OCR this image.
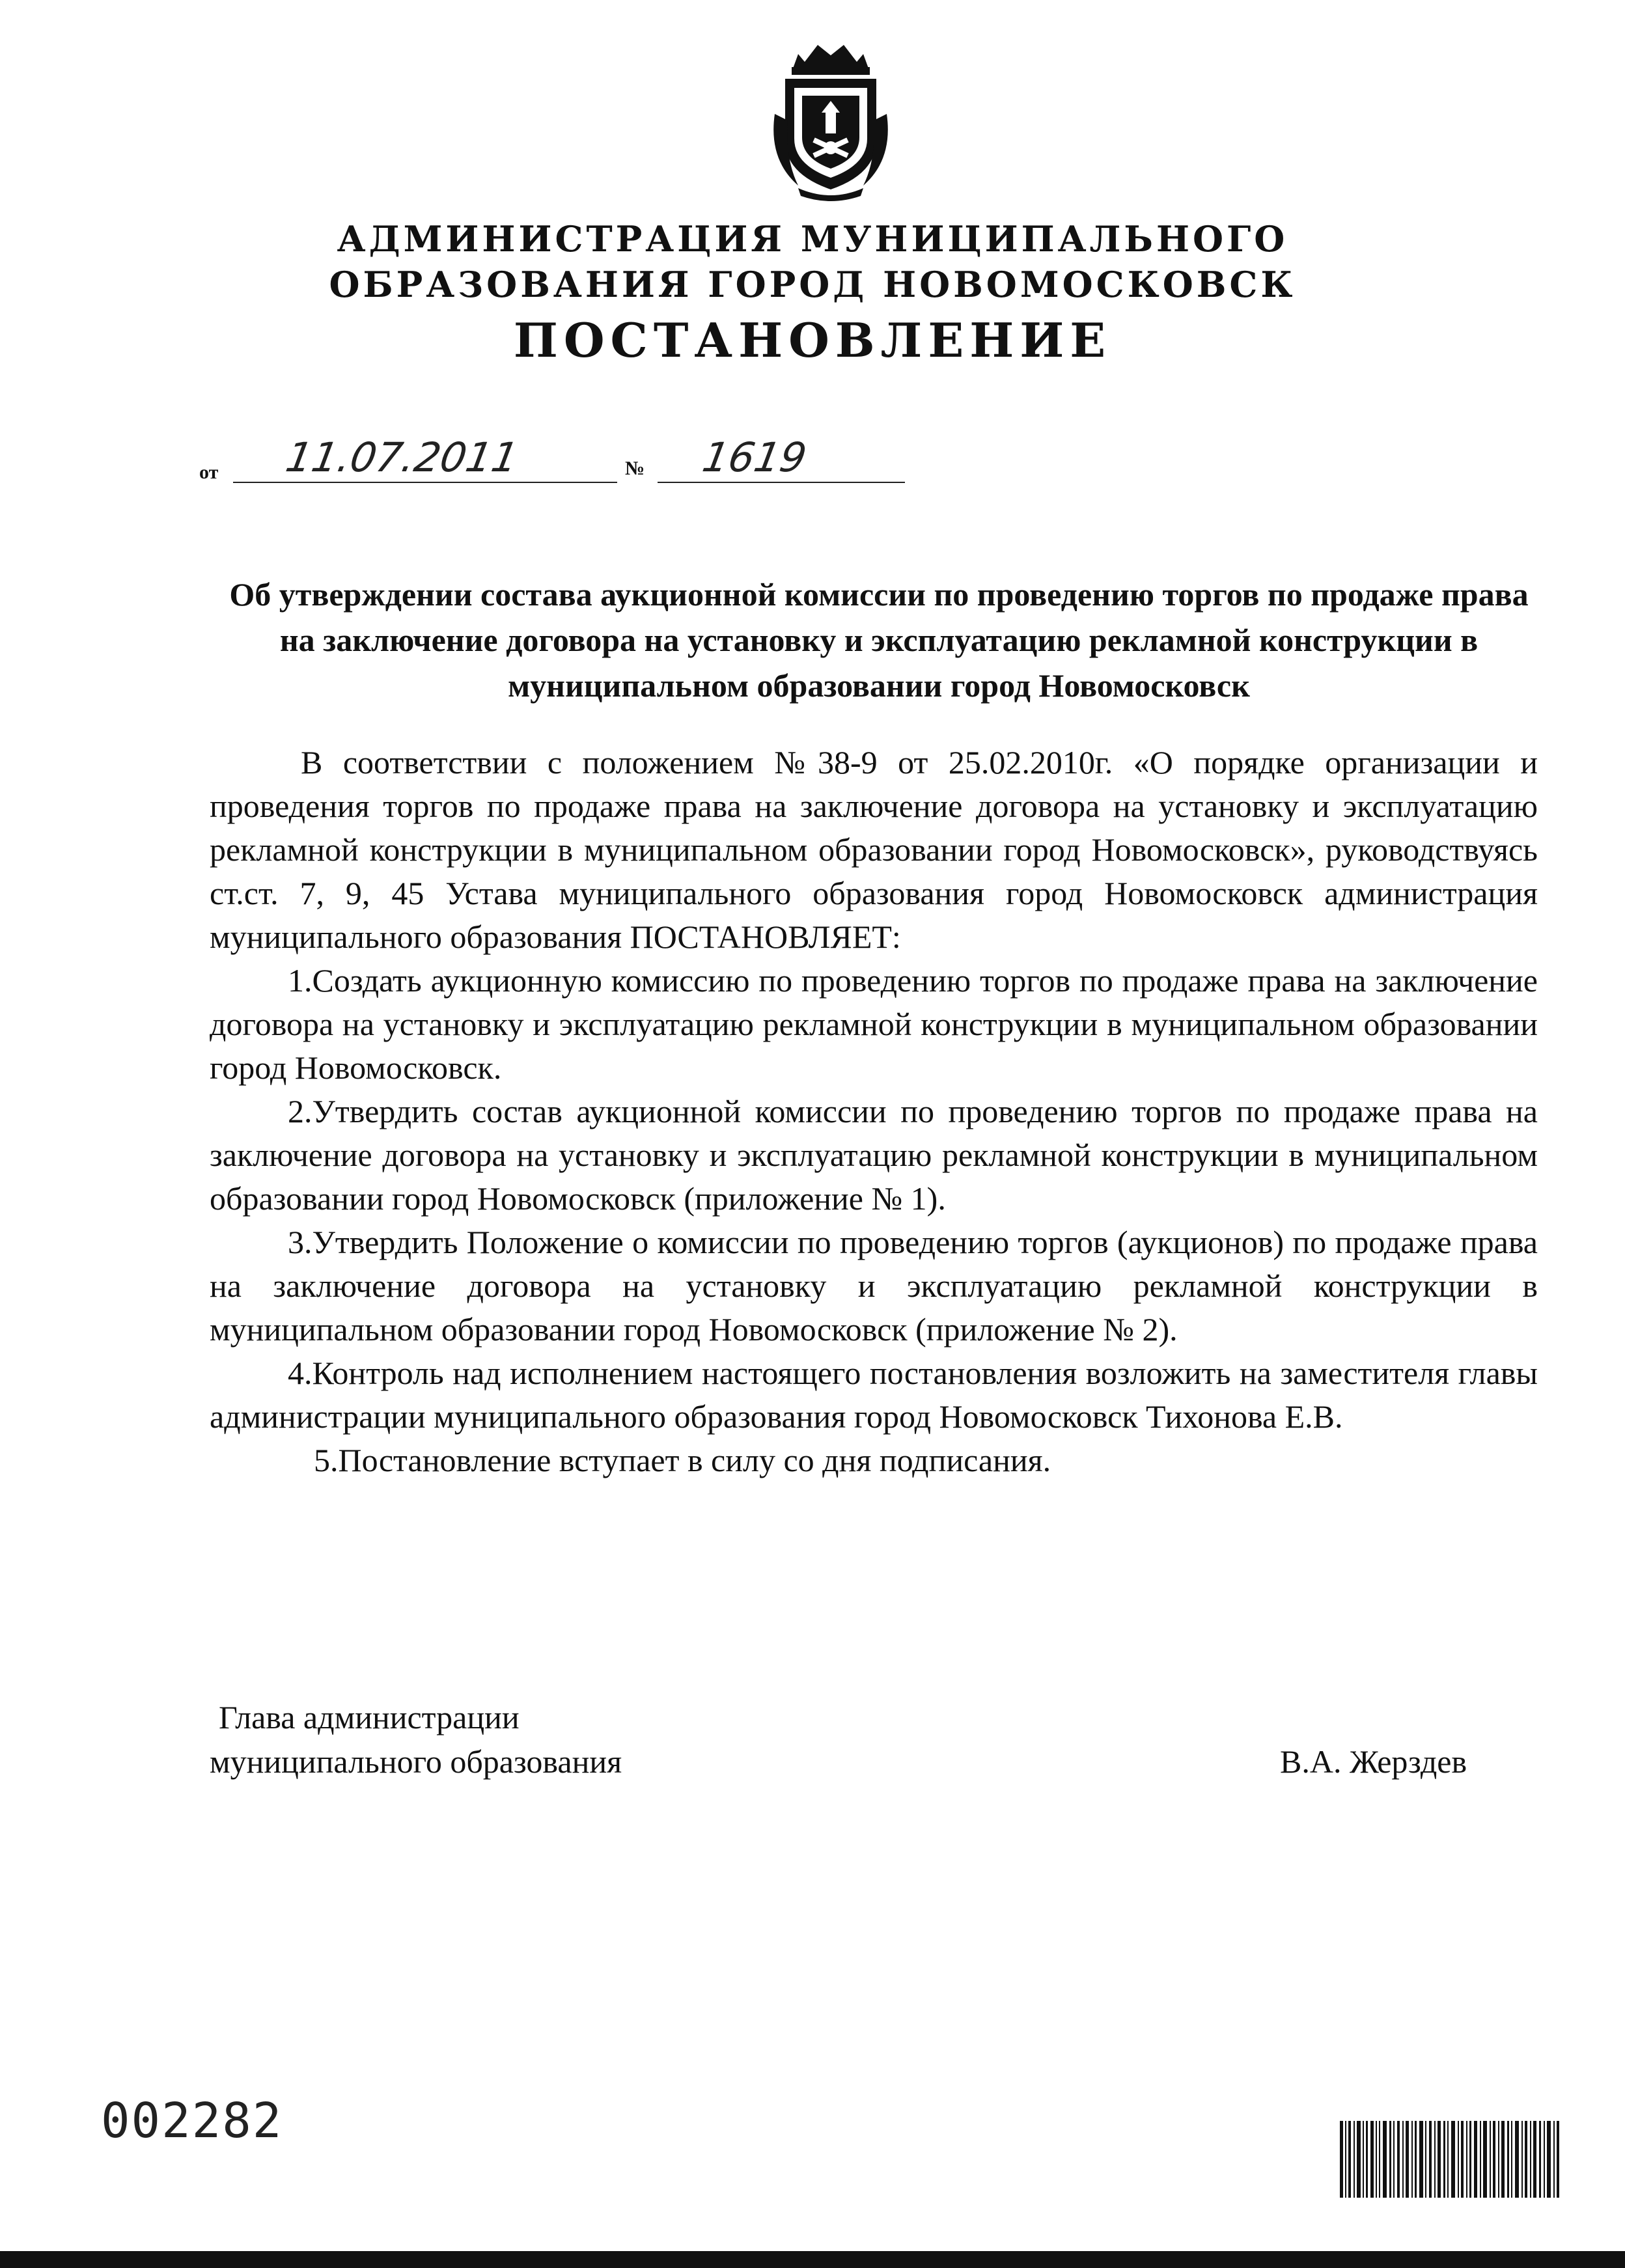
АДМИНИСТРАЦИЯ МУНИЦИПАЛЬНОГО
ОБРАЗОВАНИЯ ГОРОД НОВОМОСКОВСК
ПОСТАНОВЛЕНИЕ
от 11.07.2011	№ 1619
Об утверждении состава аукционной комиссии по проведению торгов по продаже права на заключение договора на установку и эксплуатацию рекламной конструкции в муниципальном образовании город Новомосковск

В соответствии с положением №38-9 от 25.02.2010г. «О порядке организации и проведения торгов по продаже права на заключение договора на установку и эксплуатацию рекламной конструкции в муниципальном образовании город Новомосковск», руководствуясь ст.ст. 7, 9, 45 Устава муниципального образования город Новомосковск администрация муниципального образования ПОСТАНОВЛЯЕТ:

1.Создать аукционную комиссию по проведению торгов по продаже права на заключение договора на установку и эксплуатацию рекламной конструкции в муниципальном образовании город Новомосковск.

2.Утвердить состав аукционной комиссии по проведению торгов по продаже права на заключение договора на установку и эксплуатацию рекламной конструкции в муниципальном образовании город Новомосковск (приложение № 1).

3.Утвердить Положение о комиссии по проведению торгов (аукционов) по продаже права на заключение договора на установку и эксплуатацию рекламной конструкции в муниципальном образовании город Новомосковск (приложение № 2).

4.Контроль над исполнением настоящего постановления возложить на заместителя главы администрации муниципального образования город Новомосковск Тихонова Е.В.

5.Постановление вступает в силу со дня подписания.

Глава администрации
муниципального образования	В.А. Жерздев
002282
